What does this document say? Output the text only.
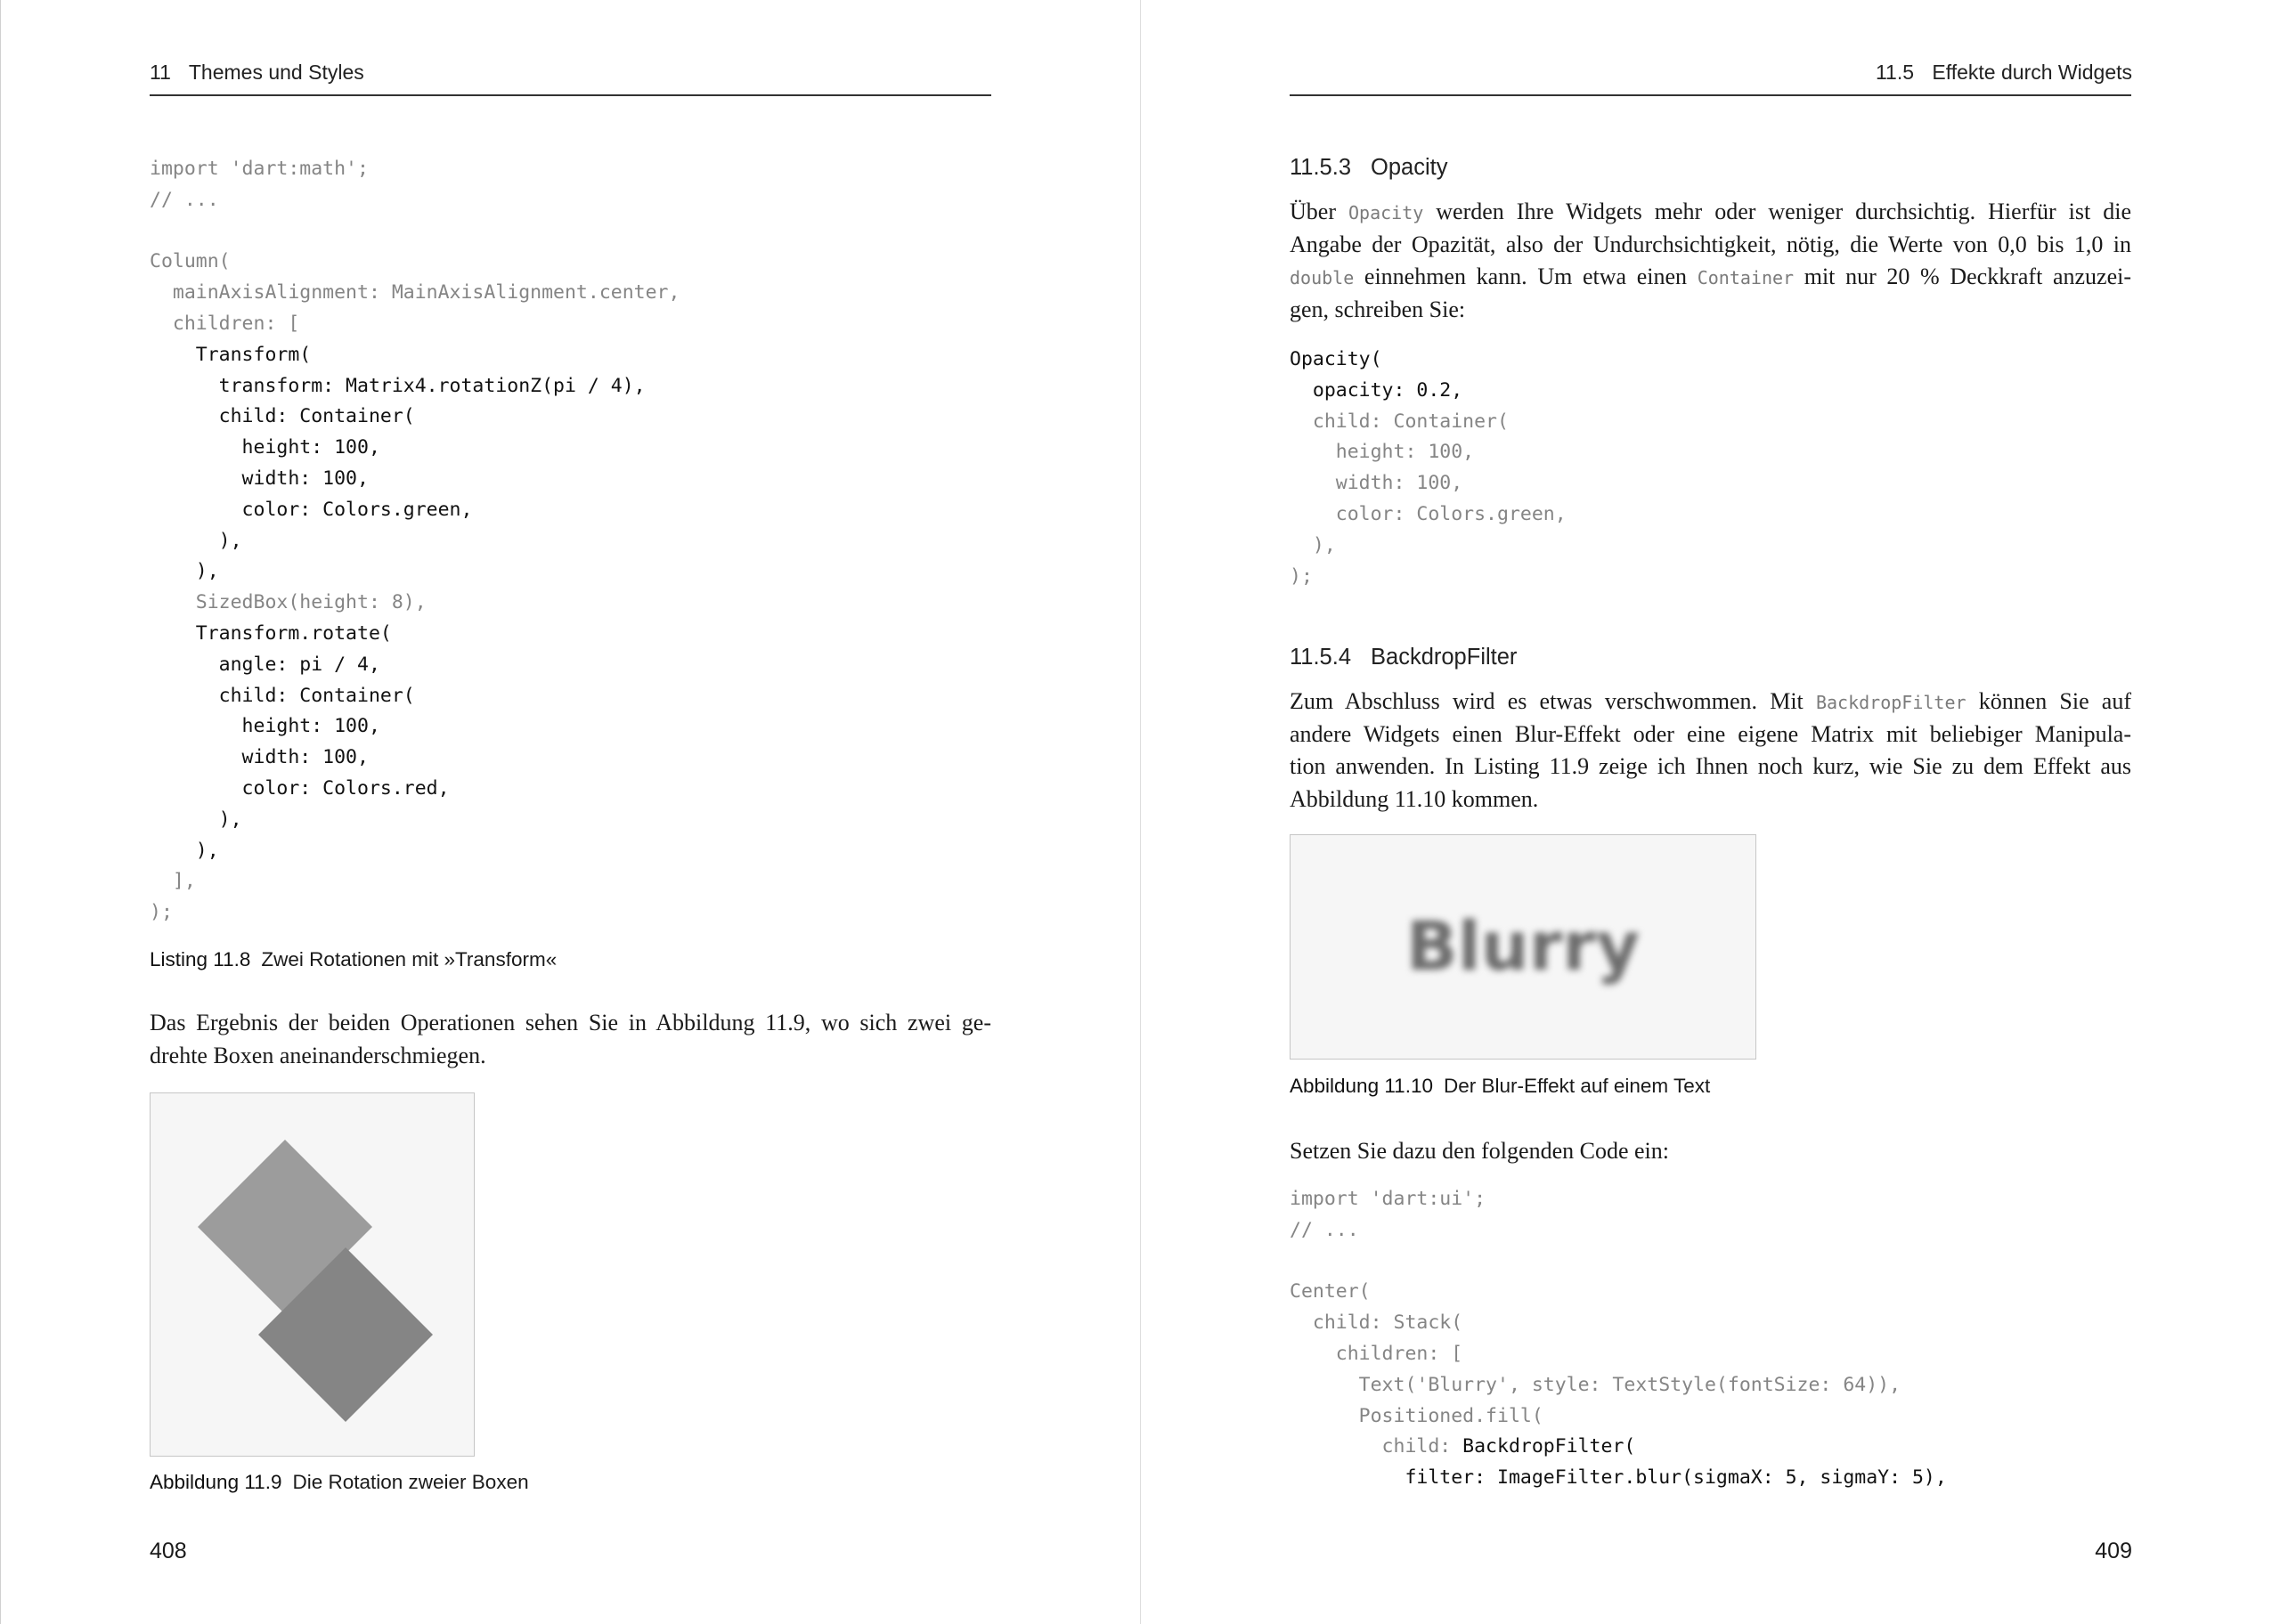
11 Themes und Styles
import 'dart:math';
// ...
Column(
mainAxisAlignment: MainAxisAlignment.center,
children: [
Transform(
transform: Matrix4.rotationZ(pi / 4),
child: Container(
height: 100,
width: 100,
color: Colors.green,
),
),
SizedBox(height: 8),
Transform.rotate(
angle: pi / 4,
child: Container(
height: 100,
width: 100,
color: Colors.red,
),
),
],
);
Listing 11.8 Zwei Rotationen mit »Transform«
Das Ergebnis der beiden Operationen sehen Sie in Abbildung 11.9, wo sich zwei ge-
drehte Boxen aneinanderschmiegen.
Abbildung 11.9 Die Rotation zweier Boxen
408
11.5 Effekte durch Widgets
11.5.3 Opacity
Über Opacity werden Ihre Widgets mehr oder weniger durchsichtig. Hierfür ist die
Angabe der Opazität, also der Undurchsichtigkeit, nötig, die Werte von 0,0 bis 1,0 in
double einnehmen kann. Um etwa einen Container mit nur 20 % Deckkraft anzuzei-
gen, schreiben Sie:
Opacity(
opacity: 0.2,
child: Container(
height: 100,
width: 100,
color: Colors.green,
),
);
11.5.4 BackdropFilter
Zum Abschluss wird es etwas verschwommen. Mit BackdropFilter können Sie auf
andere Widgets einen Blur-Effekt oder eine eigene Matrix mit beliebiger Manipula-
tion anwenden. In Listing 11.9 zeige ich Ihnen noch kurz, wie Sie zu dem Effekt aus
Abbildung 11.10 kommen.
Blurry
Abbildung 11.10 Der Blur-Effekt auf einem Text
Setzen Sie dazu den folgenden Code ein:
import 'dart:ui';
// ...
Center(
child: Stack(
children: [
Text('Blurry', style: TextStyle(fontSize: 64)),
Positioned.fill(
child: BackdropFilter(
filter: ImageFilter.blur(sigmaX: 5, sigmaY: 5),
409
